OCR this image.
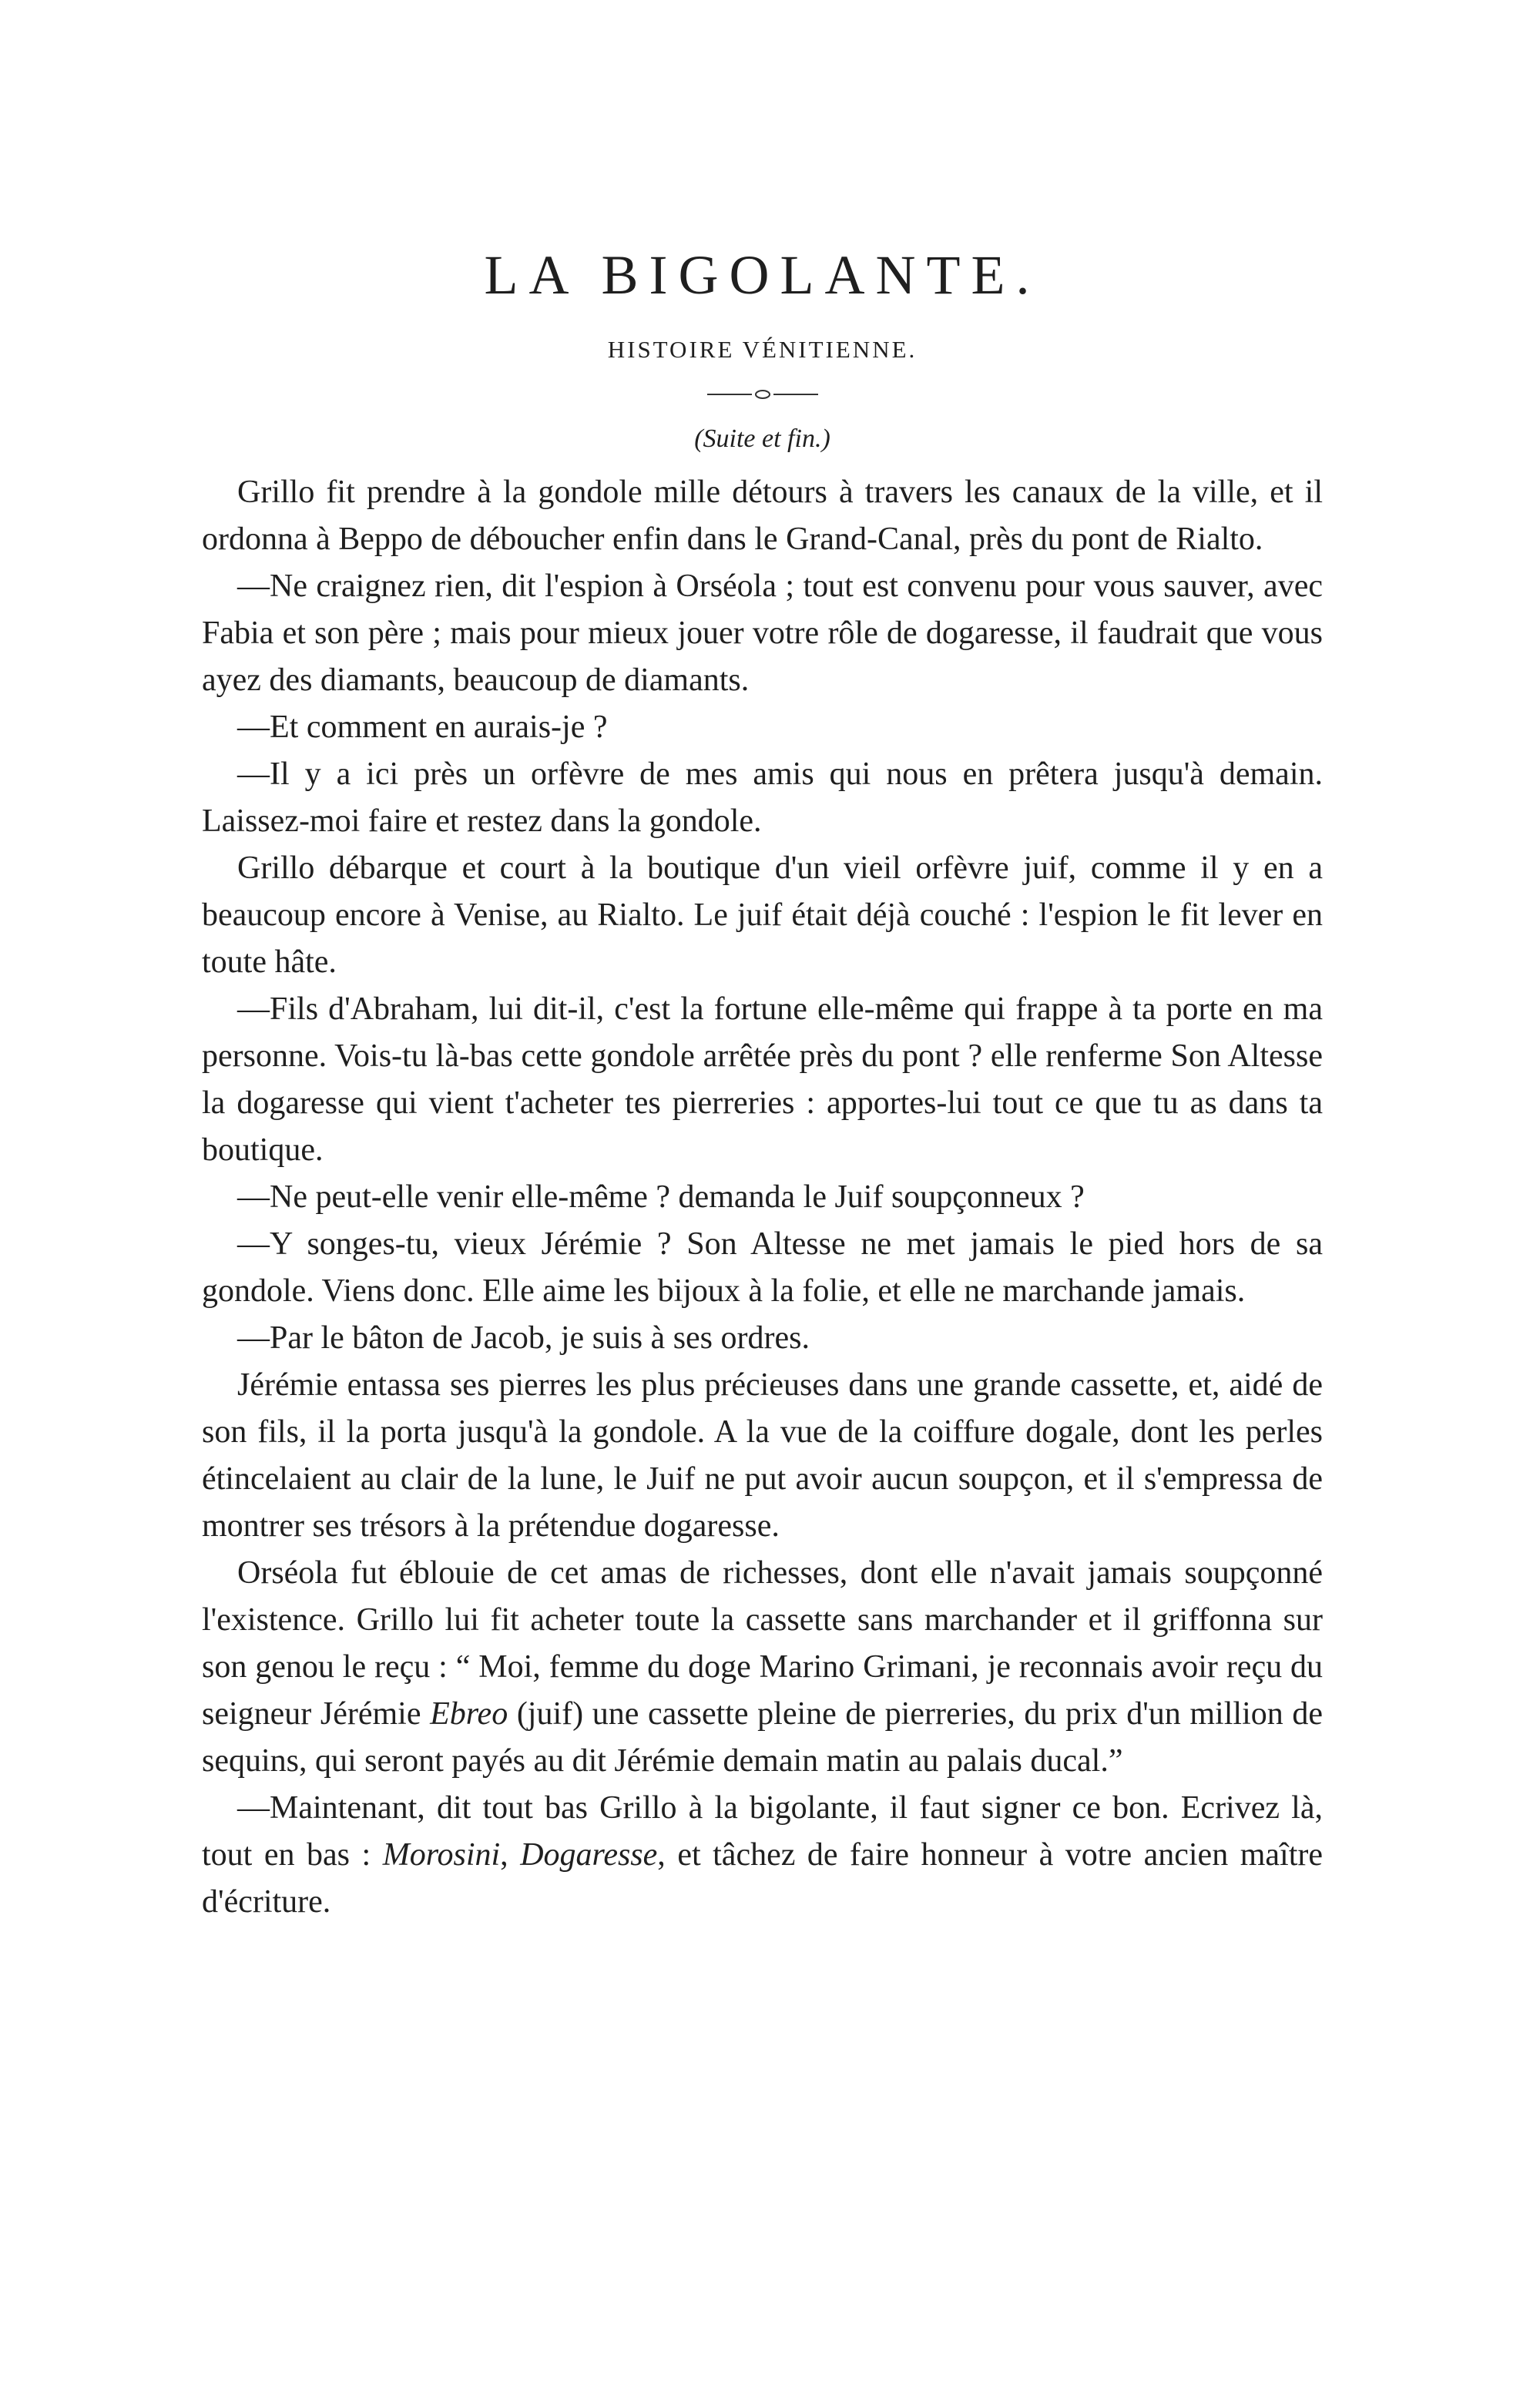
LA BIGOLANTE.
HISTOIRE VÉNITIENNE.
(Suite et fin.)

Grillo fit prendre à la gondole mille détours à travers les canaux de la ville, et il ordonna à Beppo de déboucher enfin dans le Grand-Canal, près du pont de Rialto.

—Ne craignez rien, dit l'espion à Orséola ; tout est convenu pour vous sauver, avec Fabia et son père ; mais pour mieux jouer votre rôle de dogaresse, il faudrait que vous ayez des diamants, beaucoup de diamants.

—Et comment en aurais-je ?

—Il y a ici près un orfèvre de mes amis qui nous en prêtera jusqu'à demain. Laissez-moi faire et restez dans la gondole.

Grillo débarque et court à la boutique d'un vieil orfèvre juif, comme il y en a beaucoup encore à Venise, au Rialto. Le juif était déjà couché : l'espion le fit lever en toute hâte.

—Fils d'Abraham, lui dit-il, c'est la fortune elle-même qui frappe à ta porte en ma personne. Vois-tu là-bas cette gondole arrêtée près du pont ? elle renferme Son Altesse la dogaresse qui vient t'acheter tes pierreries : apportes-lui tout ce que tu as dans ta boutique.

—Ne peut-elle venir elle-même ? demanda le Juif soupçonneux ?

—Y songes-tu, vieux Jérémie ? Son Altesse ne met jamais le pied hors de sa gondole. Viens donc. Elle aime les bijoux à la folie, et elle ne marchande jamais.

—Par le bâton de Jacob, je suis à ses ordres.

Jérémie entassa ses pierres les plus précieuses dans une grande cassette, et, aidé de son fils, il la porta jusqu'à la gondole. A la vue de la coiffure dogale, dont les perles étincelaient au clair de la lune, le Juif ne put avoir aucun soupçon, et il s'empressa de montrer ses trésors à la prétendue dogaresse.

Orséola fut éblouie de cet amas de richesses, dont elle n'avait jamais soupçonné l'existence. Grillo lui fit acheter toute la cassette sans marchander et il griffonna sur son genou le reçu : “ Moi, femme du doge Marino Grimani, je reconnais avoir reçu du seigneur Jérémie Ebreo (juif) une cassette pleine de pierreries, du prix d'un million de sequins, qui seront payés au dit Jérémie demain matin au palais ducal.”

—Maintenant, dit tout bas Grillo à la bigolante, il faut signer ce bon. Ecrivez là, tout en bas : Morosini, Dogaresse, et tâchez de faire honneur à votre ancien maître d'écriture.
